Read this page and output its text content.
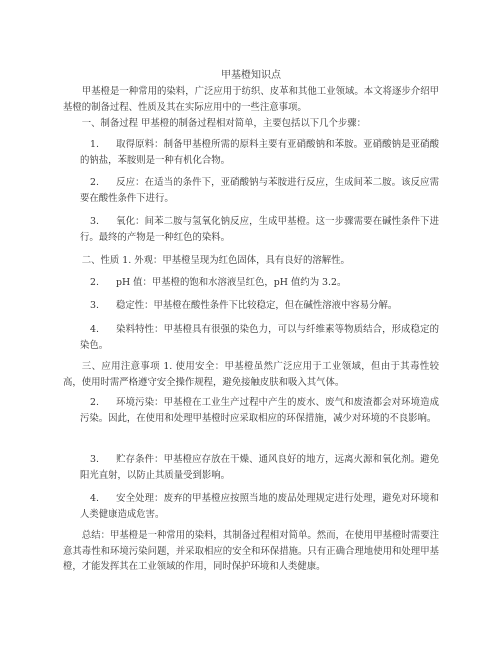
甲基橙知识点
甲基橙是一种常用的染料，广泛应用于纺织、皮革和其他工业领域。本文将逐步介绍甲基橙的制备过程、性质及其在实际应用中的一些注意事项。
一、制备过程 甲基橙的制备过程相对简单，主要包括以下几个步骤：
1. 取得原料：制备甲基橙所需的原料主要有亚硝酸钠和苯胺。亚硝酸钠是亚硝酸的钠盐，苯胺则是一种有机化合物。
2. 反应：在适当的条件下，亚硝酸钠与苯胺进行反应，生成间苯二胺。该反应需要在酸性条件下进行。
3. 氧化：间苯二胺与氢氧化钠反应，生成甲基橙。这一步骤需要在碱性条件下进行。最终的产物是一种红色的染料。
二、性质 1. 外观：甲基橙呈现为红色固体，具有良好的溶解性。
2. pH 值：甲基橙的饱和水溶液呈红色，pH 值约为 3.2。
3. 稳定性：甲基橙在酸性条件下比较稳定，但在碱性溶液中容易分解。
4. 染料特性：甲基橙具有很强的染色力，可以与纤维素等物质结合，形成稳定的染色。
三、应用注意事项 1. 使用安全：甲基橙虽然广泛应用于工业领域，但由于其毒性较高，使用时需严格遵守安全操作规程，避免接触皮肤和吸入其气体。
2. 环境污染：甲基橙在工业生产过程中产生的废水、废气和废渣都会对环境造成污染。因此，在使用和处理甲基橙时应采取相应的环保措施，减少对环境的不良影响。
3. 贮存条件：甲基橙应存放在干燥、通风良好的地方，远离火源和氧化剂。避免阳光直射，以防止其质量受到影响。
4. 安全处理：废弃的甲基橙应按照当地的废品处理规定进行处理，避免对环境和人类健康造成危害。
总结：甲基橙是一种常用的染料，其制备过程相对简单。然而，在使用甲基橙时需要注意其毒性和环境污染问题，并采取相应的安全和环保措施。只有正确合理地使用和处理甲基橙，才能发挥其在工业领域的作用，同时保护环境和人类健康。
